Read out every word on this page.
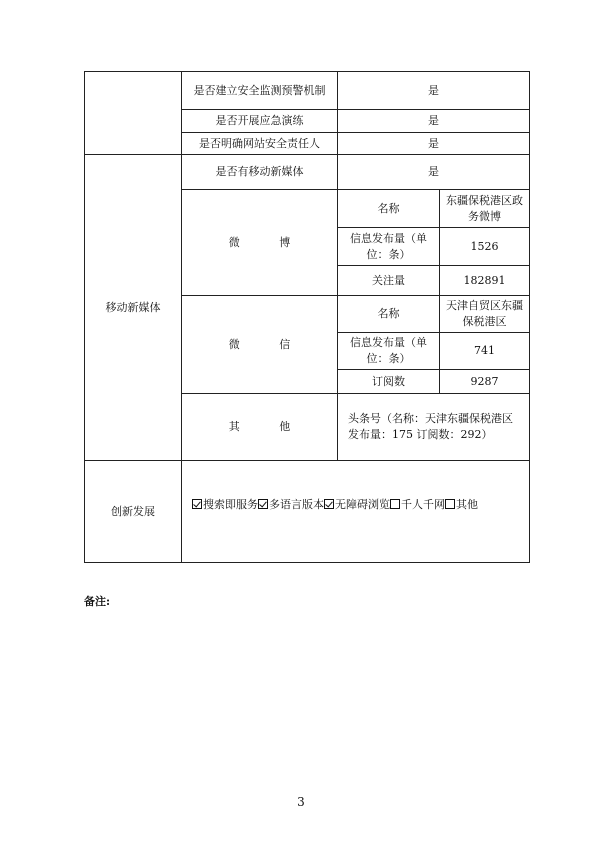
	是否建立安全监测预警机制	是	
	是否开展应急演练	是	
	是否明确网站安全责任人	是	
移动新媒体	是否有移动新媒体	是	
	微 博	名称	东疆保税港区政务微博
		信息发布量（单位：条）	1526
		关注量	182891
	微 信	名称	天津自贸区东疆保税港区
		信息发布量（单位：条）	741
		订阅数	9287
	其 他	头条号（名称：天津东疆保税港区 发布量：175 订阅数：292）	
创新发展	搜索即服务 多语言版本 无障碍浏览 千人千网 其他		
备注:
3
